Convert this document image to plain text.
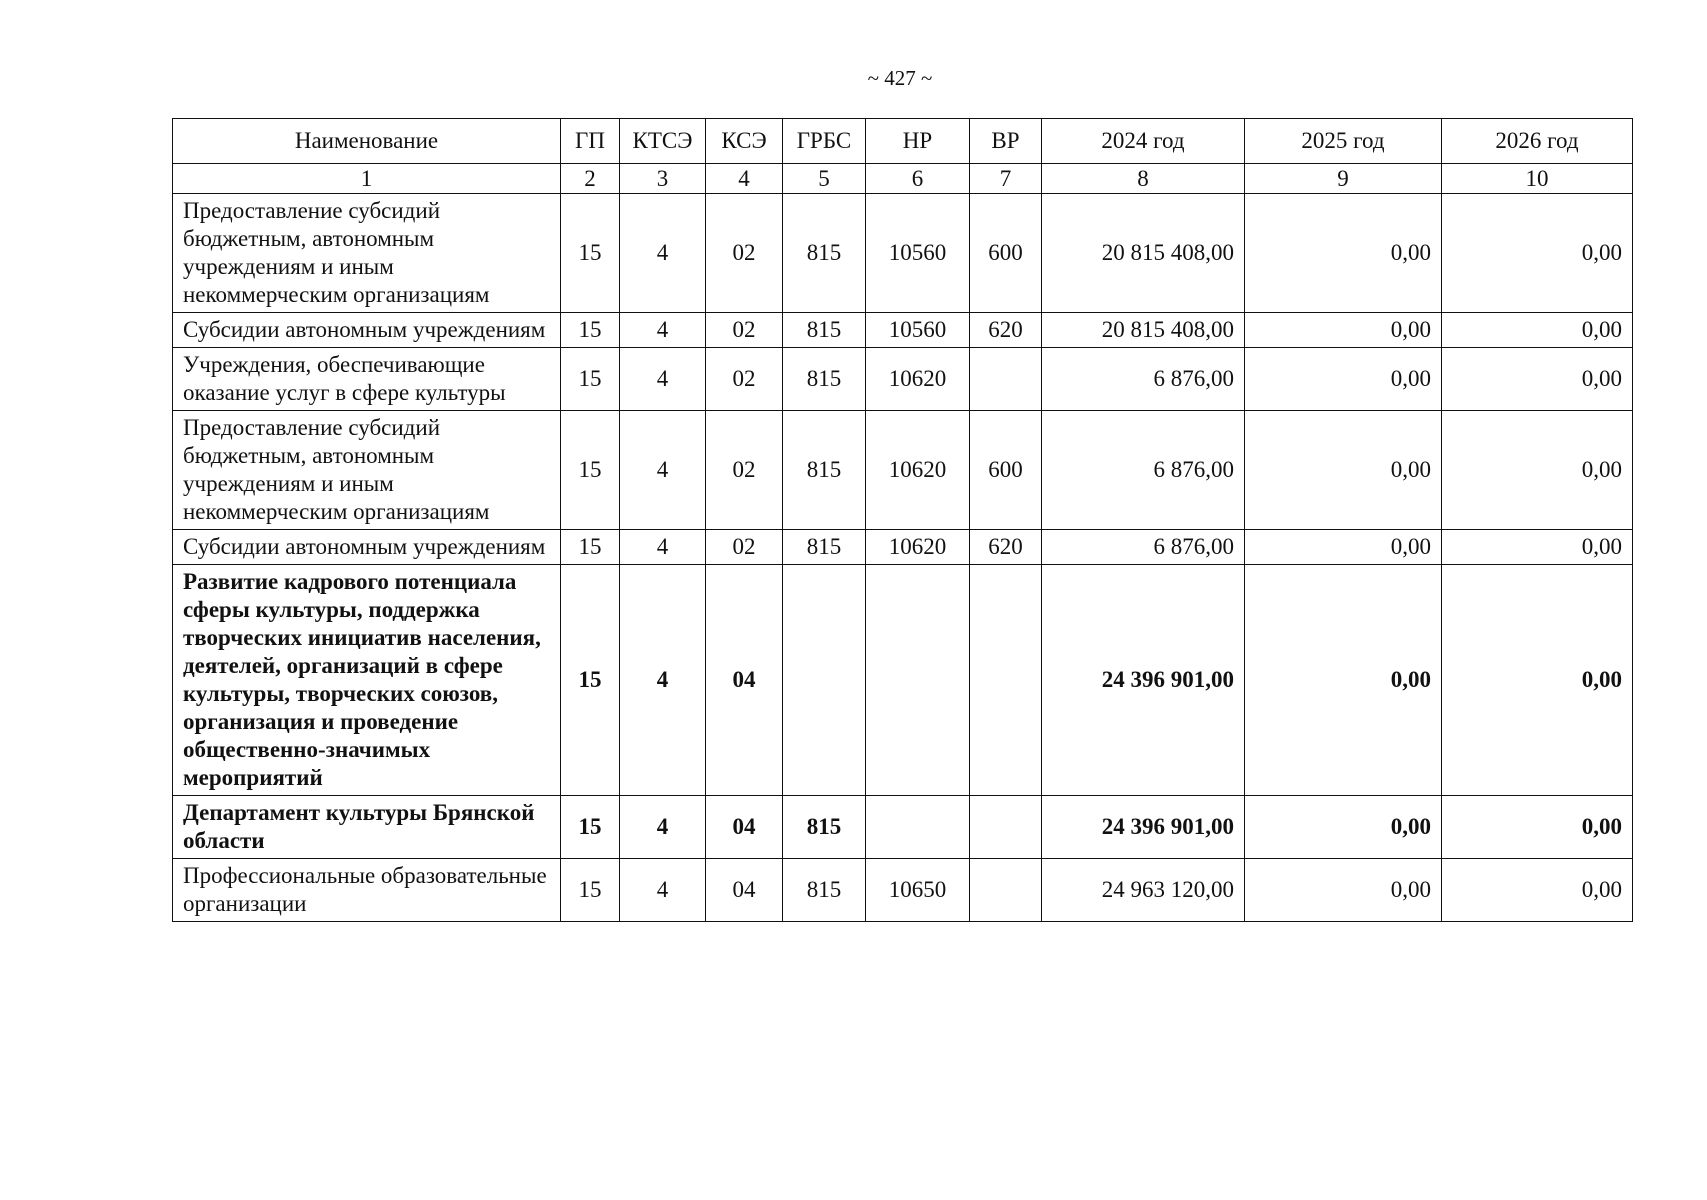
~ 427 ~
Наименование	ГП	КТСЭ	КСЭ	ГРБС	НР	ВР	2024 год	2025 год	2026 год
1	2	3	4	5	6	7	8	9	10
Предоставление субсидий бюджетным, автономным учреждениям и иным некоммерческим организациям	15	4	02	815	10560	600	20 815 408,00	0,00	0,00
Субсидии автономным учреждениям	15	4	02	815	10560	620	20 815 408,00	0,00	0,00
Учреждения, обеспечивающие оказание услуг в сфере культуры	15	4	02	815	10620		6 876,00	0,00	0,00
Предоставление субсидий бюджетным, автономным учреждениям и иным некоммерческим организациям	15	4	02	815	10620	600	6 876,00	0,00	0,00
Субсидии автономным учреждениям	15	4	02	815	10620	620	6 876,00	0,00	0,00
Развитие кадрового потенциала сферы культуры, поддержка творческих инициатив населения, деятелей, организаций в сфере культуры, творческих союзов, организация и проведение общественно-значимых мероприятий	15	4	04				24 396 901,00	0,00	0,00
Департамент культуры Брянской области	15	4	04	815			24 396 901,00	0,00	0,00
Профессиональные образовательные организации	15	4	04	815	10650		24 963 120,00	0,00	0,00
